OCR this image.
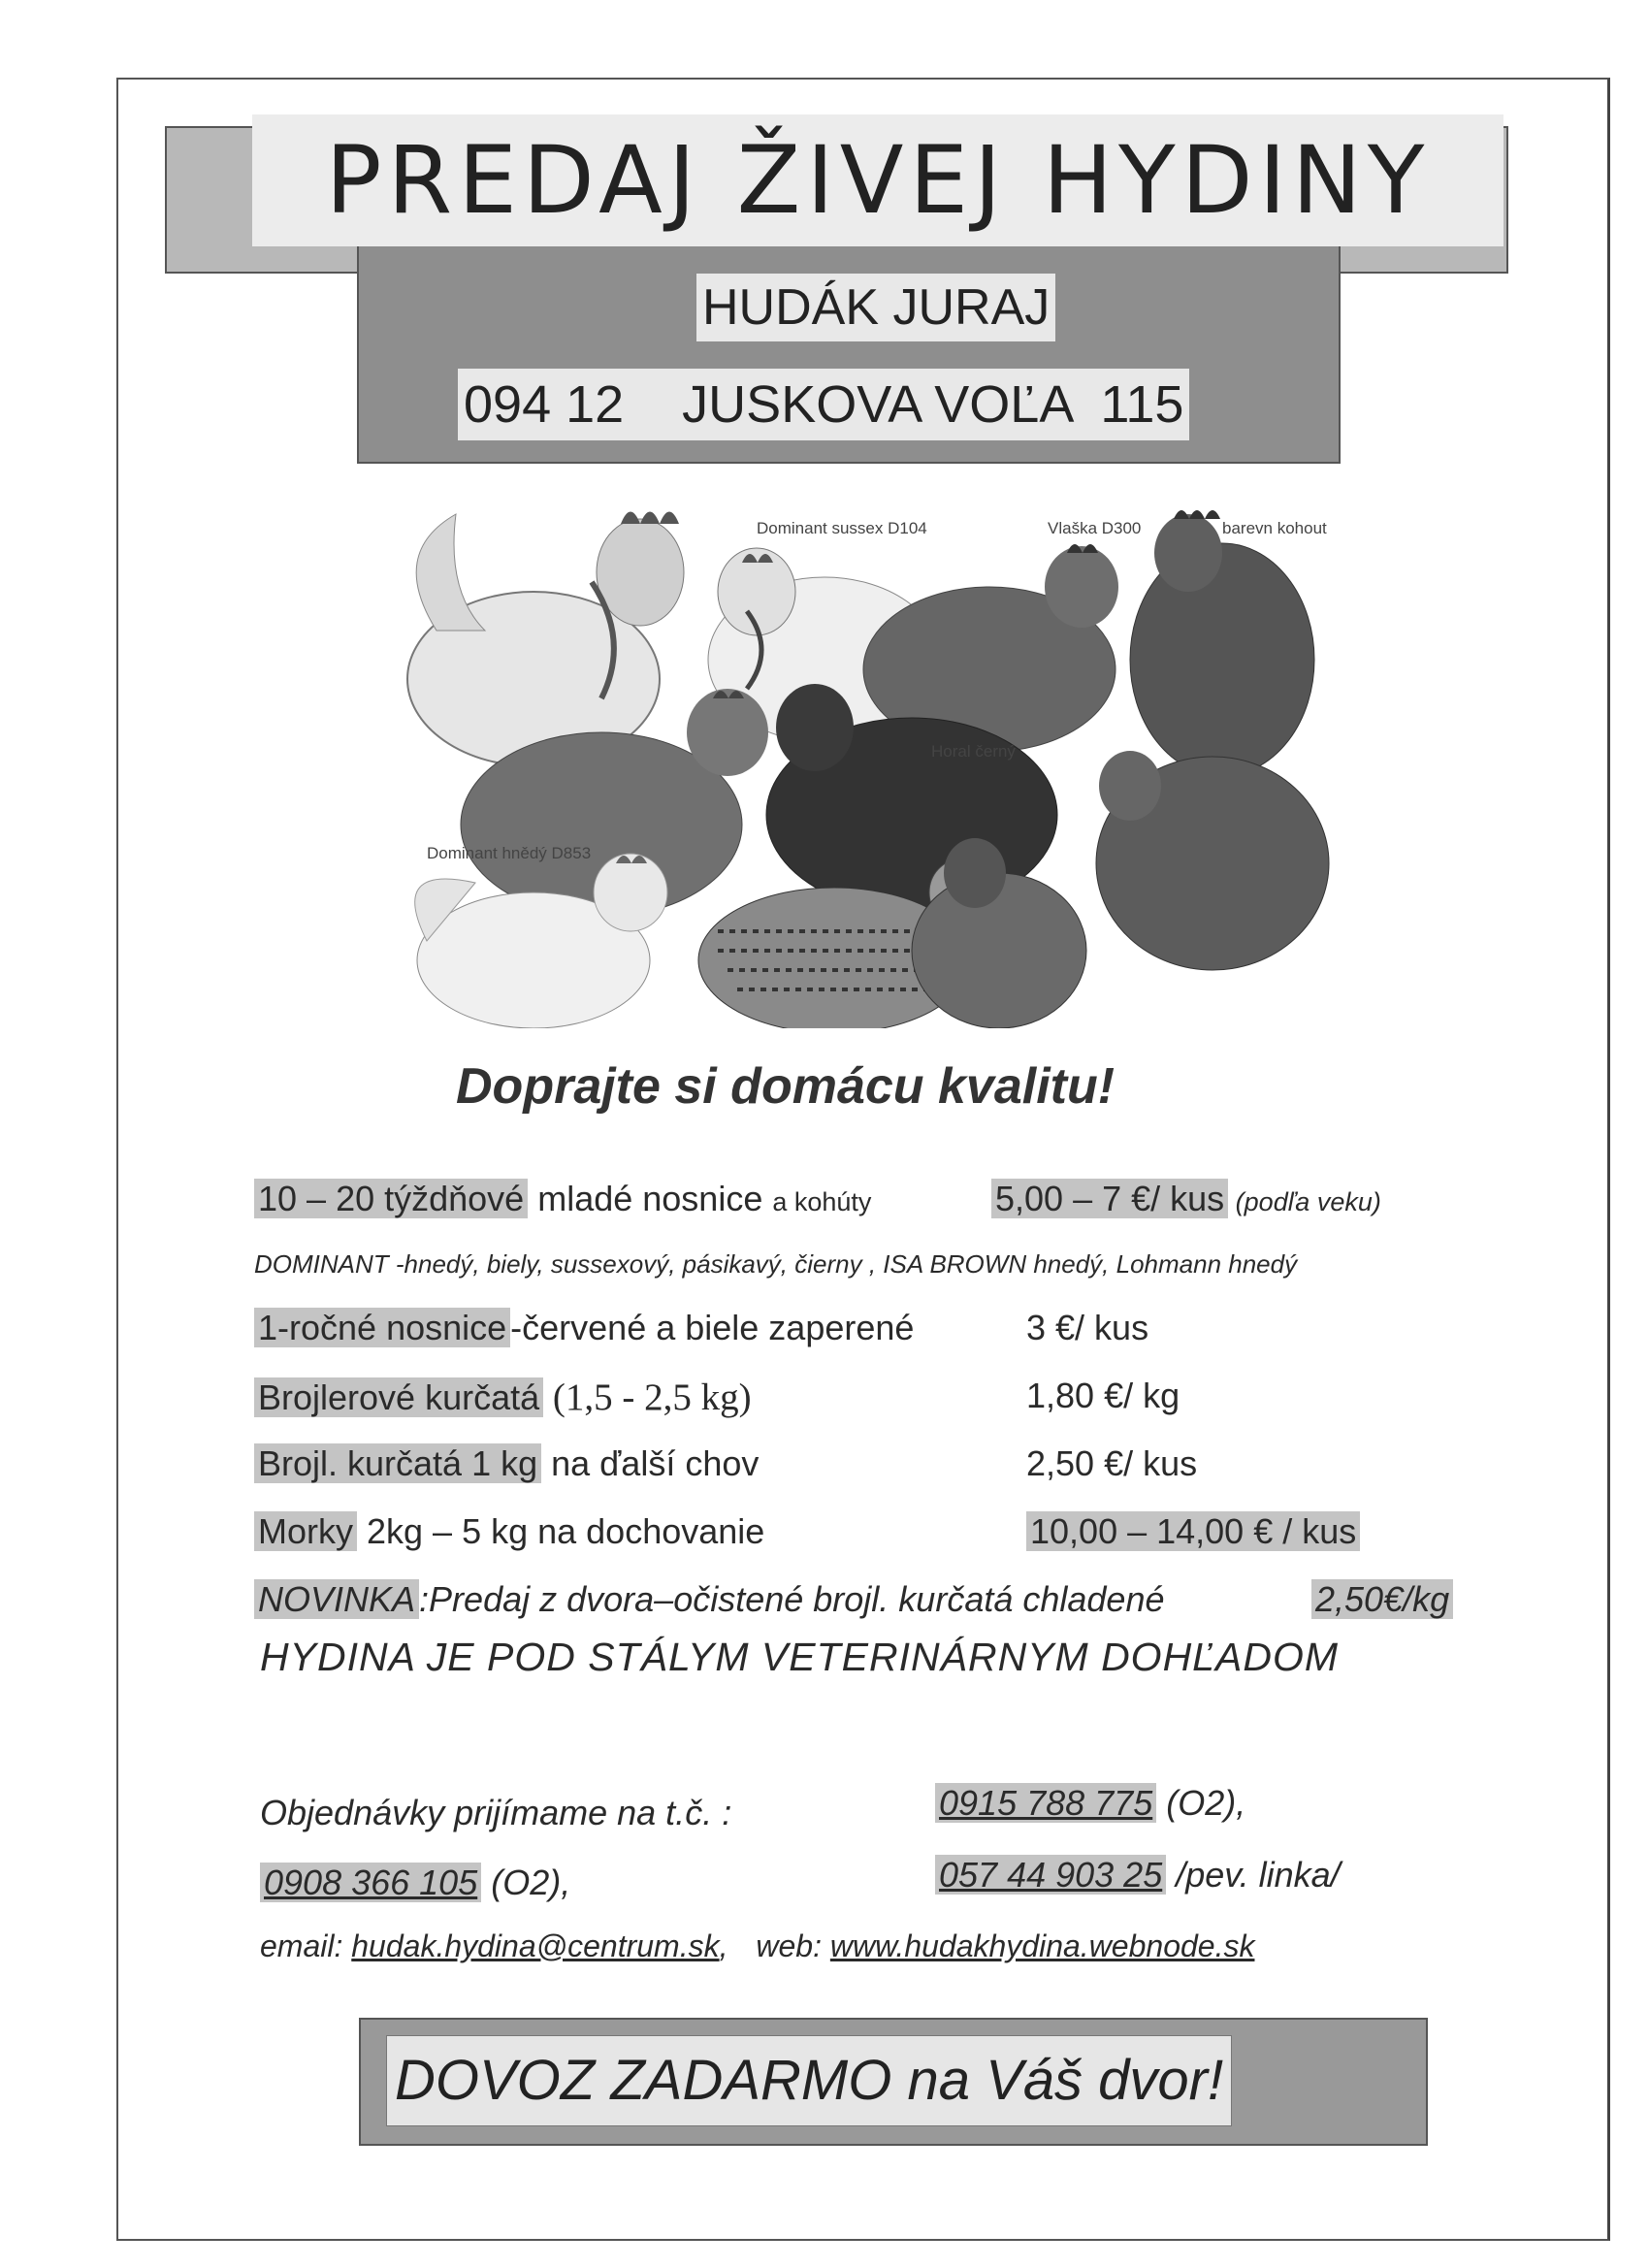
PREDAJ ŽIVEJ HYDINY
HUDÁK JURAJ
094 12    JUSKOVA VOĽA  115
Dominant sussex D104	Vlaška D300	barevn kohout
Horal černý
Dominant hnědý D853
Doprajte si domácu kvalitu!
10 – 20 týždňové mladé nosnice a kohúty	5,00 – 7 €/ kus (podľa veku)
DOMINANT -hnedý, biely, sussexový, pásikavý, čierny , ISA BROWN hnedý, Lohmann hnedý
1-ročné nosnice -červené a biele zaperené	3 €/ kus
Brojlerové kurčatá (1,5 - 2,5 kg)	1,80 €/ kg
Brojl. kurčatá 1 kg na ďalší chov	2,50 €/ kus
Morky 2kg – 5 kg na dochovanie	10,00 – 14,00 € / kus
NOVINKA :Predaj z dvora–očistené brojl. kurčatá chladené	2,50€/kg
HYDINA JE POD STÁLYM VETERINÁRNYM DOHĽADOM
Objednávky prijímame na t.č. :	0915 788 775 (O2),
0908 366 105 (O2),	057 44 903 25 /pev. linka/
email: hudak.hydina@centrum.sk, web: www.hudakhydina.webnode.sk
DOVOZ ZADARMO na Váš dvor!
